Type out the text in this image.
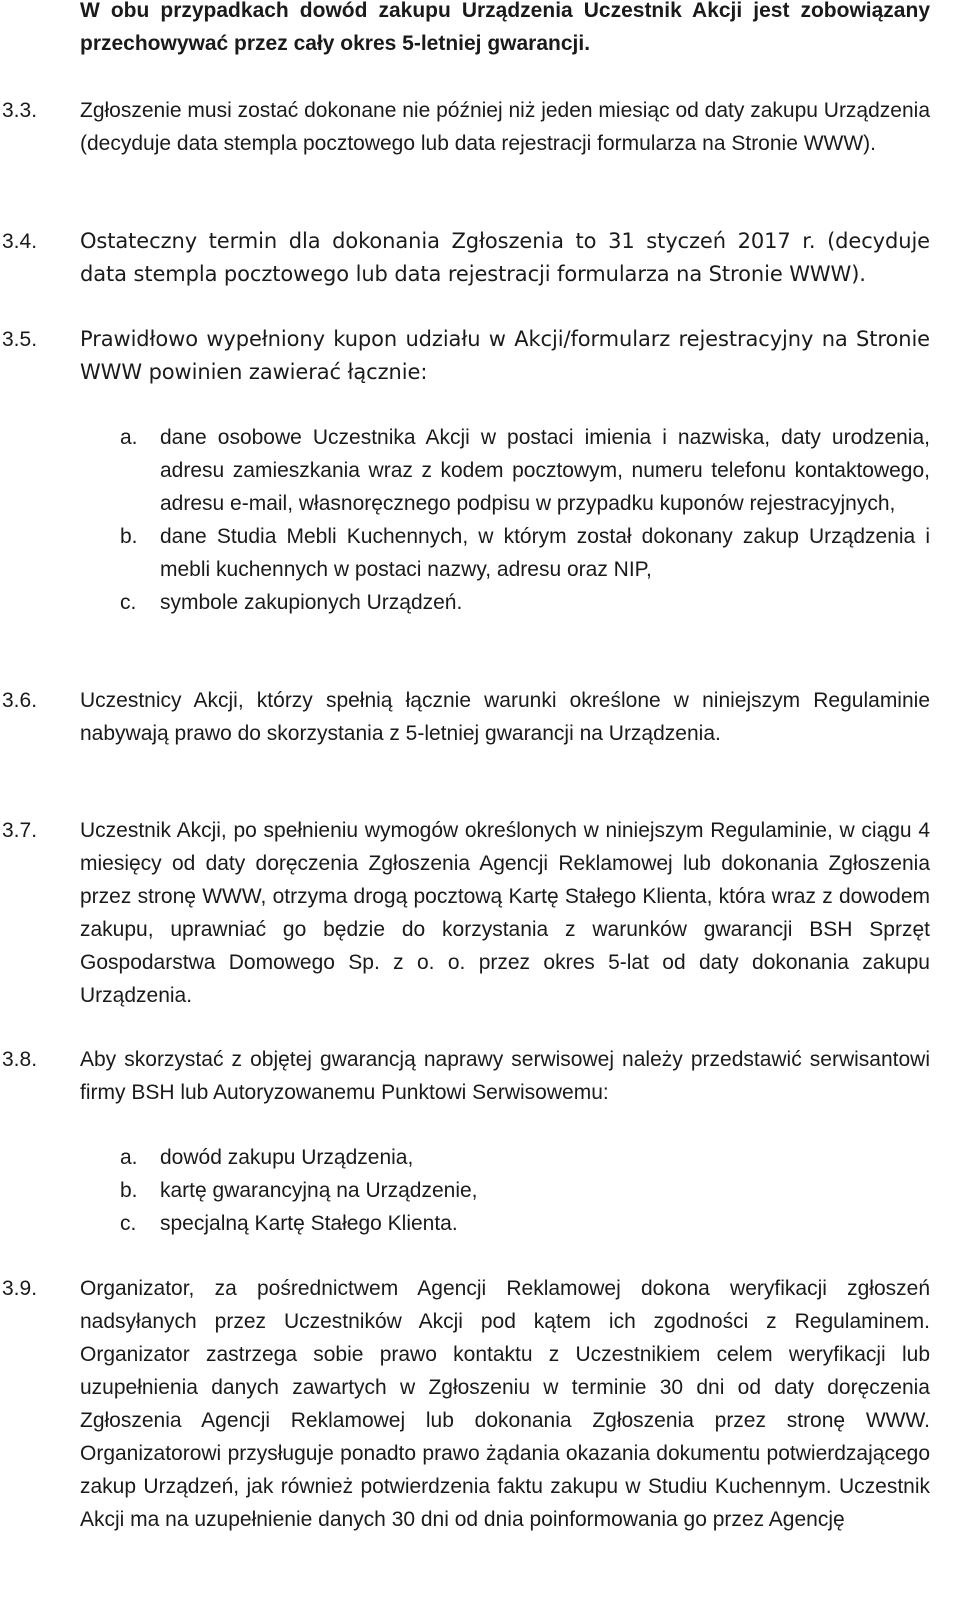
W obu przypadkach dowód zakupu Urządzenia Uczestnik Akcji jest zobowiązany przechowywać przez cały okres 5-letniej gwarancji.

3.3. Zgłoszenie musi zostać dokonane nie później niż jeden miesiąc od daty zakupu Urządzenia (decyduje data stempla pocztowego lub data rejestracji formularza na Stronie WWW).

3.4. Ostateczny termin dla dokonania Zgłoszenia to 31 styczeń 2017 r. (decyduje data stempla pocztowego lub data rejestracji formularza na Stronie WWW).

3.5. Prawidłowo wypełniony kupon udziału w Akcji/formularz rejestracyjny na Stronie WWW powinien zawierać łącznie:

a. dane osobowe Uczestnika Akcji w postaci imienia i nazwiska, daty urodzenia, adresu zamieszkania wraz z kodem pocztowym, numeru telefonu kontaktowego, adresu e-mail, własnoręcznego podpisu w przypadku kuponów rejestracyjnych,
b. dane Studia Mebli Kuchennych, w którym został dokonany zakup Urządzenia i mebli kuchennych w postaci nazwy, adresu oraz NIP,
c. symbole zakupionych Urządzeń.
3.6. Uczestnicy Akcji, którzy spełnią łącznie warunki określone w niniejszym Regulaminie nabywają prawo do skorzystania z 5-letniej gwarancji na Urządzenia.

3.7. Uczestnik Akcji, po spełnieniu wymogów określonych w niniejszym Regulaminie, w ciągu 4 miesięcy od daty doręczenia Zgłoszenia Agencji Reklamowej lub dokonania Zgłoszenia przez stronę WWW, otrzyma drogą pocztową Kartę Stałego Klienta, która wraz z dowodem zakupu, uprawniać go będzie do korzystania z warunków gwarancji BSH Sprzęt Gospodarstwa Domowego Sp. z o. o. przez okres 5-lat od daty dokonania zakupu Urządzenia.

3.8. Aby skorzystać z objętej gwarancją naprawy serwisowej należy przedstawić serwisantowi firmy BSH lub Autoryzowanemu Punktowi Serwisowemu:

a. dowód zakupu Urządzenia,
b. kartę gwarancyjną na Urządzenie,
c. specjalną Kartę Stałego Klienta.
3.9. Organizator, za pośrednictwem Agencji Reklamowej dokona weryfikacji zgłoszeń nadsyłanych przez Uczestników Akcji pod kątem ich zgodności z Regulaminem. Organizator zastrzega sobie prawo kontaktu z Uczestnikiem celem weryfikacji lub uzupełnienia danych zawartych w Zgłoszeniu w terminie 30 dni od daty doręczenia Zgłoszenia Agencji Reklamowej lub dokonania Zgłoszenia przez stronę WWW. Organizatorowi przysługuje ponadto prawo żądania okazania dokumentu potwierdzającego zakup Urządzeń, jak również potwierdzenia faktu zakupu w Studiu Kuchennym. Uczestnik Akcji ma na uzupełnienie danych 30 dni od dnia poinformowania go przez Agencję
